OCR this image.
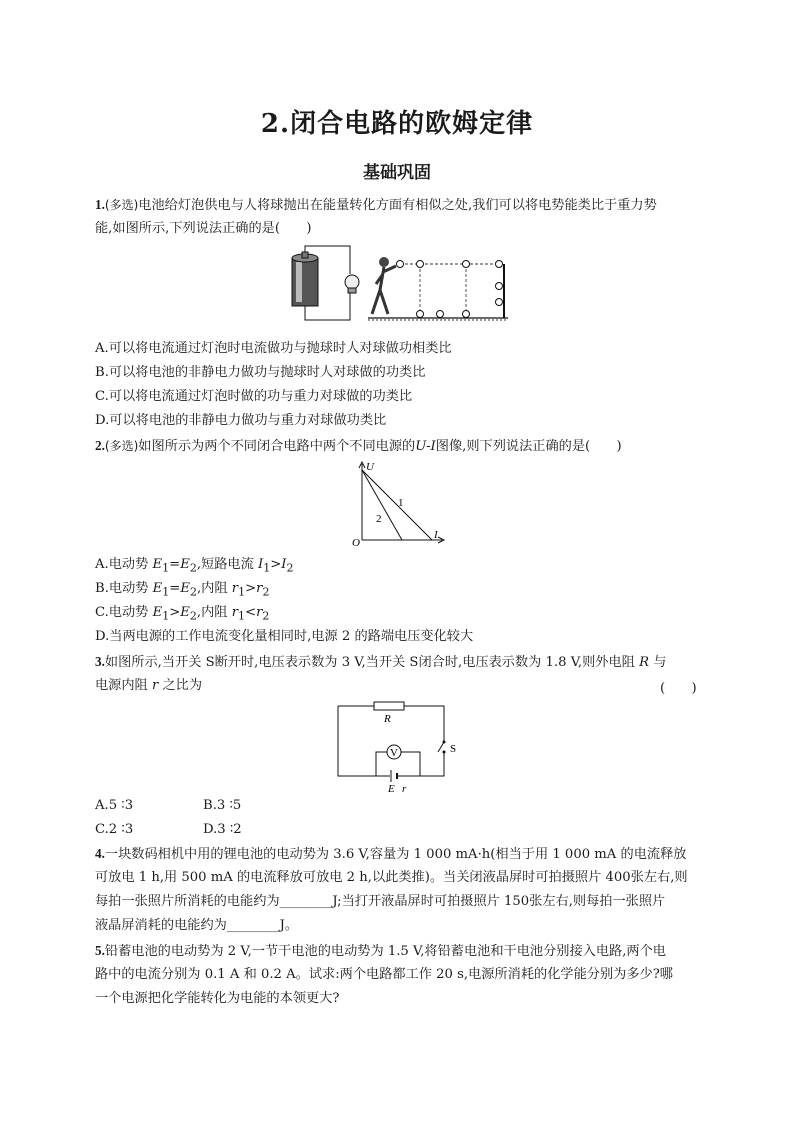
2.闭合电路的欧姆定律
基础巩固
1.(多选)电池给灯泡供电与人将球抛出在能量转化方面有相似之处,我们可以将电势能类比于重力势
能,如图所示,下列说法正确的是(　　)
A.可以将电流通过灯泡时电流做功与抛球时人对球做功相类比
B.可以将电池的非静电力做功与抛球时人对球做的功类比
C.可以将电流通过灯泡时做的功与重力对球做的功类比
D.可以将电池的非静电力做功与重力对球做功类比
2.(多选)如图所示为两个不同闭合电路中两个不同电源的U-I图像,则下列说法正确的是(　　)
U
I
O
1
2
A.电动势 $E_1=E_2$,短路电流 $I_1>I_2$
B.电动势 $E_1=E_2$,内阻 $r_1>r_2$
C.电动势 $E_1>E_2$,内阻 $r_1<r_2$
D.当两电源的工作电流变化量相同时,电源 2 的路端电压变化较大
3.如图所示,当开关 S断开时,电压表示数为 3 V,当开关 S闭合时,电压表示数为 1.8 V,则外电阻 R 与
电源内阻 r 之比为	(　　)
R
S
V
E r
A.5 ∶3	B.3 ∶5
C.2 ∶3	D.3 ∶2
4.一块数码相机中用的锂电池的电动势为 3.6 V,容量为 1 000 mA·h(相当于用 1 000 mA 的电流释放
可放电 1 h,用 500 mA 的电流释放可放电 2 h,以此类推)。当关闭液晶屏时可拍摄照片 400张左右,则
每拍一张照片所消耗的电能约为________J;当打开液晶屏时可拍摄照片 150张左右,则每拍一张照片
液晶屏消耗的电能约为________J。
5.铅蓄电池的电动势为 2 V,一节干电池的电动势为 1.5 V,将铅蓄电池和干电池分别接入电路,两个电
路中的电流分别为 0.1 A 和 0.2 A。试求:两个电路都工作 20 s,电源所消耗的化学能分别为多少?哪
一个电源把化学能转化为电能的本领更大?
